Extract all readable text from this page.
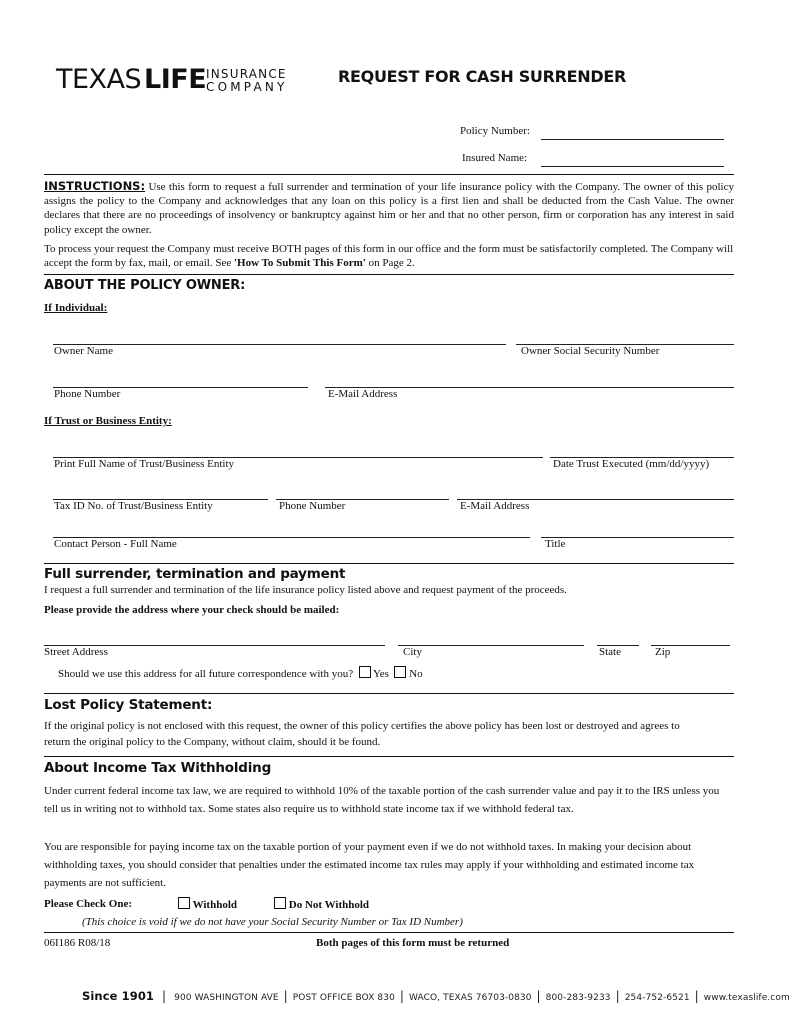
TEXAS LIFE INSURANCE
COMPANY
REQUEST FOR CASH SURRENDER
Policy Number:
Insured Name:
INSTRUCTIONS: Use this form to request a full surrender and termination of your life insurance policy with the Company. The owner of this policy assigns the policy to the Company and acknowledges that any loan on this policy is a first lien and shall be deducted from the Cash Value. The owner declares that there are no proceedings of insolvency or bankruptcy against him or her and that no other person, firm or corporation has any interest in said policy except the owner.
To process your request the Company must receive BOTH pages of this form in our office and the form must be satisfactorily completed. The Company will accept the form by fax, mail, or email. See 'How To Submit This Form' on Page 2.
ABOUT THE POLICY OWNER:
If Individual:
Owner Name	Owner Social Security Number
Phone Number	E-Mail Address
If Trust or Business Entity:
Print Full Name of Trust/Business Entity	Date Trust Executed (mm/dd/yyyy)
Tax ID No. of Trust/Business Entity	Phone Number	E-Mail Address
Contact Person - Full Name	Title
Full surrender, termination and payment
I request a full surrender and termination of the life insurance policy listed above and request payment of the proceeds.
Please provide the address where your check should be mailed:
Street Address	City	State	Zip
Should we use this address for all future correspondence with you? Yes No
Lost Policy Statement:
If the original policy is not enclosed with this request, the owner of this policy certifies the above policy has been lost or destroyed and agrees to return the original policy to the Company, without claim, should it be found.
About Income Tax Withholding
Under current federal income tax law, we are required to withhold 10% of the taxable portion of the cash surrender value and pay it to the IRS unless you tell us in writing not to withhold tax. Some states also require us to withhold state income tax if we withhold federal tax.
You are responsible for paying income tax on the taxable portion of your payment even if we do not withhold taxes. In making your decision about withholding taxes, you should consider that penalties under the estimated income tax rules may apply if your withholding and estimated income tax payments are not sufficient.
Please Check One:	Withhold	Do Not Withhold
(This choice is void if we do not have your Social Security Number or Tax ID Number)
06I186 R08/18	Both pages of this form must be returned
Since 1901 | 900 WASHINGTON AVE | POST OFFICE BOX 830 | WACO, TEXAS 76703-0830 | 800-283-9233 | 254-752-6521 | www.texaslife.com
